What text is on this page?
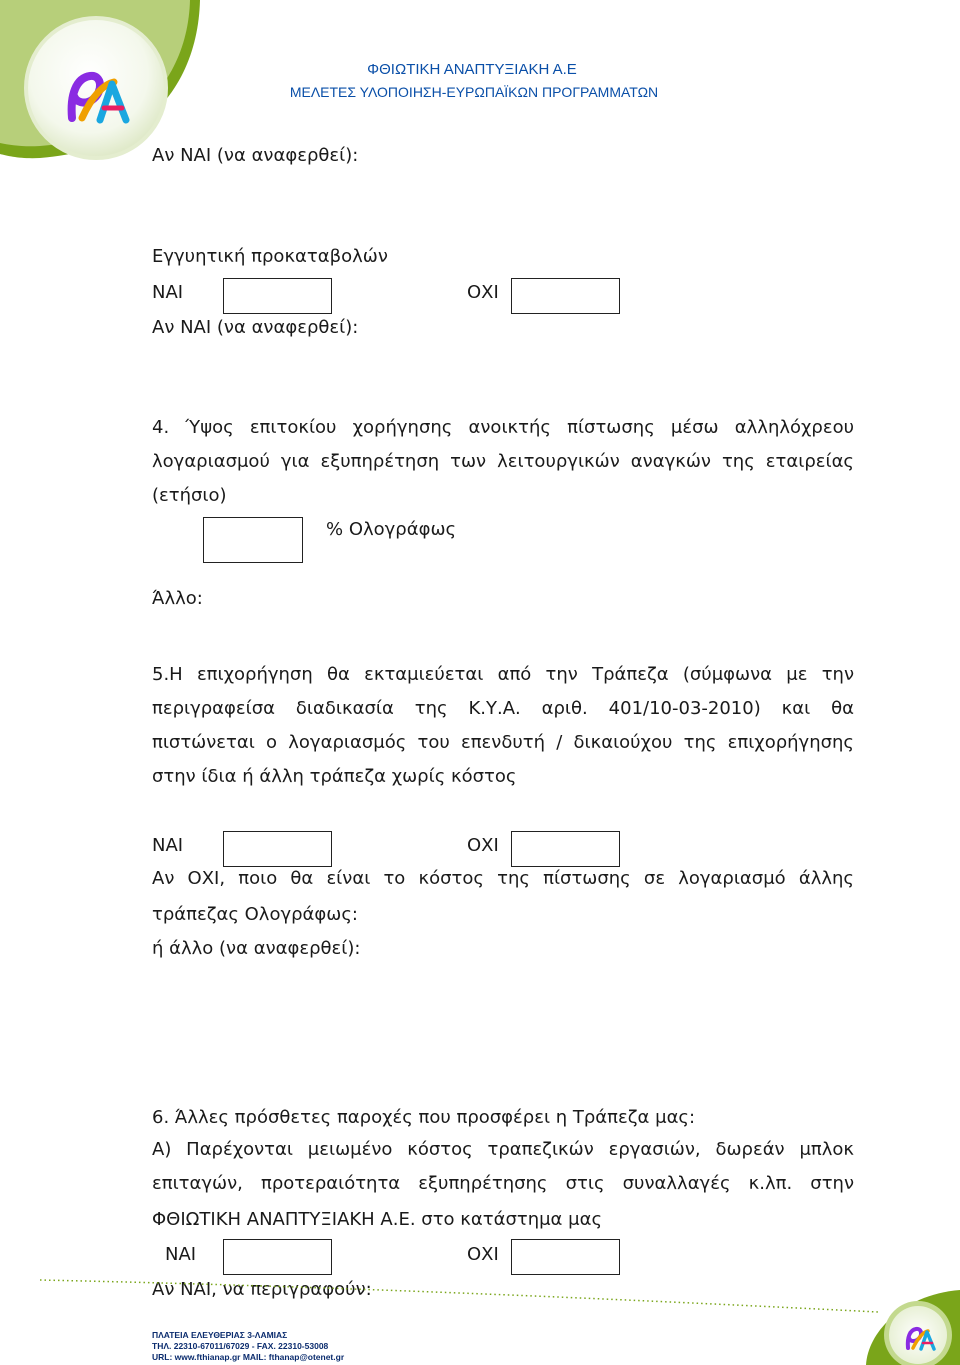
ΦΘΙΩΤΙΚΗ ΑΝΑΠΤΥΞΙΑΚΗ Α.Ε
ΜΕΛΕΤΕΣ ΥΛΟΠΟΙΗΣΗ-ΕΥΡΩΠΑΪΚΩΝ ΠΡΟΓΡΑΜΜΑΤΩΝ
Αν ΝΑΙ (να αναφερθεί):
Εγγυητική προκαταβολών
ΝΑΙ	ΟΧΙ
Αν ΝΑΙ (να αναφερθεί):
4. Ύψος επιτοκίου χορήγησης ανοικτής πίστωσης μέσω αλληλόχρεου
λογαριασμού για εξυπηρέτηση των λειτουργικών αναγκών της εταιρείας
(ετήσιο)
% Ολογράφως
Άλλο:
5.Η επιχορήγηση θα εκταμιεύεται από την Τράπεζα (σύμφωνα με την
περιγραφείσα διαδικασία της Κ.Υ.Α. αριθ. 401/10-03-2010) και θα
πιστώνεται ο λογαριασμός του επενδυτή / δικαιούχου της επιχορήγησης
στην ίδια ή άλλη τράπεζα χωρίς κόστος
ΝΑΙ	ΟΧΙ
Αν ΟΧΙ, ποιο θα είναι το κόστος της πίστωσης σε λογαριασμό άλλης
τράπεζας Ολογράφως:
ή άλλο (να αναφερθεί):
6. Άλλες πρόσθετες παροχές που προσφέρει η Τράπεζα μας:
Α) Παρέχονται μειωμένο κόστος τραπεζικών εργασιών, δωρεάν μπλοκ
επιταγών, προτεραιότητα εξυπηρέτησης στις συναλλαγές κ.λπ. στην
ΦΘΙΩΤΙΚΗ ΑΝΑΠΤΥΞΙΑΚΗ Α.Ε. στο κατάστημα μας
ΝΑΙ	ΟΧΙ
Αν ΝΑΙ, να περιγραφούν:
ΠΛΑΤΕΙΑ ΕΛΕΥΘΕΡΙΑΣ 3-ΛΑΜΙΑΣ
ΤΗΛ. 22310-67011/67029 - FAX. 22310-53008
URL: www.fthianap.gr MAIL: fthanap@otenet.gr
